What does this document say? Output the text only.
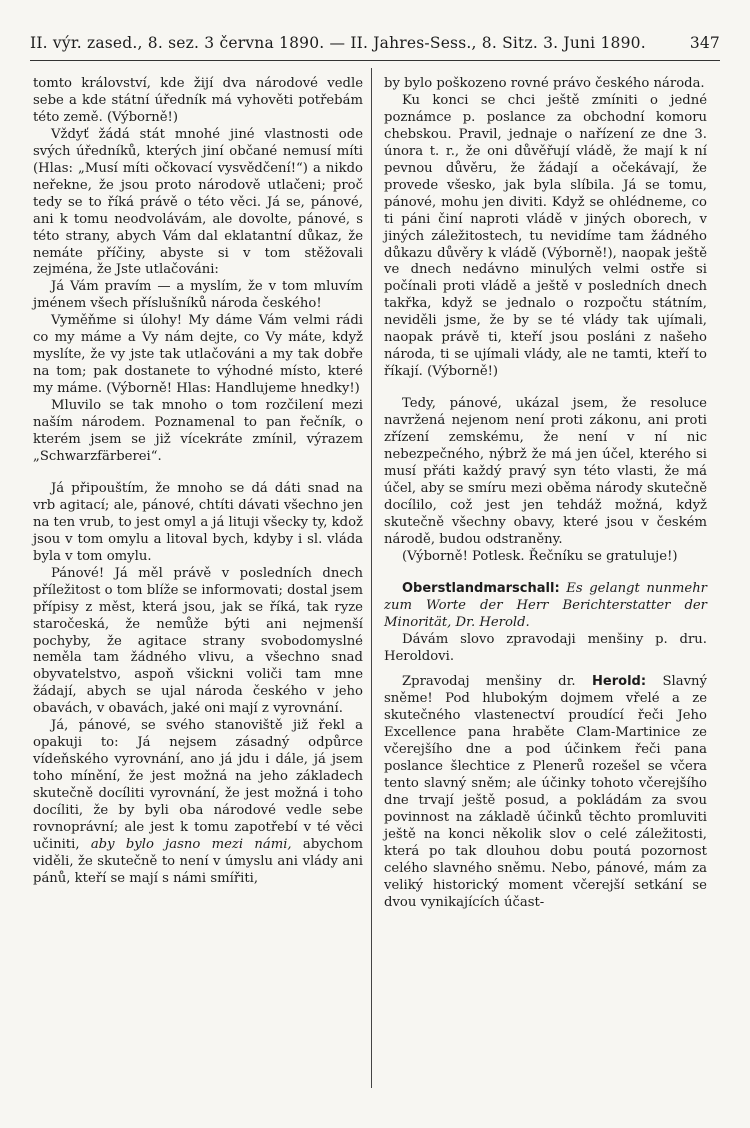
II. výr. zased., 8. sez. 3 června 1890. — II. Jahres-Sess., 8. Sitz. 3. Juni 1890.	347

tomto království, kde žijí dva národové vedle sebe a kde státní úředník má vyhověti potřebám této země. (Výborně!)

Vždyť žádá stát mnohé jiné vlastnosti ode svých úředníků, kterých jiní občané nemusí míti (Hlas: „Musí míti očkovací vysvědčení!“) a nikdo neřekne, že jsou proto národově utlačeni; proč tedy se to říká právě o této věci. Já se, pánové, ani k tomu neodvolávám, ale dovolte, pánové, s této strany, abych Vám dal eklatantní důkaz, že nemáte příčiny, abyste si v tom stěžovali zejména, že Jste utlačováni:

Já Vám pravím — a myslím, že v tom mluvím jménem všech příslušníků národa českého!

Vyměňme si úlohy! My dáme Vám velmi rádi co my máme a Vy nám dejte, co Vy máte, když myslíte, že vy jste tak utlačováni a my tak dobře na tom; pak dostanete to výhodné místo, které my máme. (Výborně! Hlas: Handlujeme hnedky!)

Mluvilo se tak mnoho o tom rozčilení mezi naším národem. Poznamenal to pan řečník, o kterém jsem se již vícekráte zmínil, výrazem „Schwarzfärberei“.

Já připouštím, že mnoho se dá dáti snad na vrb agitací; ale, pánové, chtíti dávati všechno jen na ten vrub, to jest omyl a já lituji všecky ty, kdož jsou v tom omylu a litoval bych, kdyby i sl. vláda byla v tom omylu.

Pánové! Já měl právě v posledních dnech příležitost o tom blíže se informovati; dostal jsem přípisy z měst, která jsou, jak se říká, tak ryze staročeská, že nemůže býti ani nejmenší pochyby, že agitace strany svobodomyslné neměla tam žádného vlivu, a všechno snad obyvatelstvo, aspoň všickni voliči tam mne žádají, abych se ujal národa českého v jeho obavách, v obavách, jaké oni mají z vyrovnání.

Já, pánové, se svého stanoviště již řekl a opakuji to: Já nejsem zásadný odpůrce vídeňského vyrovnání, ano já jdu i dále, já jsem toho mínění, že jest možná na jeho základech skutečně docíliti vyrovnání, že jest možná i toho docíliti, že by byli oba národové vedle sebe rovnoprávní; ale jest k tomu zapotřebí v té věci učiniti, aby bylo jasno mezi námi, abychom viděli, že skutečně to není v úmyslu ani vlády ani pánů, kteří se mají s námi smířiti,

by bylo poškozeno rovné právo českého národa.

Ku konci se chci ještě zmíniti o jedné poznámce p. poslance za obchodní komoru chebskou. Pravil, jednaje o nařízení ze dne 3. února t. r., že oni důvěřují vládě, že mají k ní pevnou důvěru, že žádají a očekávají, že provede všesko, jak byla slíbila. Já se tomu, pánové, mohu jen diviti. Když se ohlédneme, co ti páni činí naproti vládě v jiných oborech, v jiných záležitostech, tu nevidíme tam žádného důkazu důvěry k vládě (Výborně!), naopak ještě ve dnech nedávno minulých velmi ostře si počínali proti vládě a ještě v posledních dnech takřka, když se jednalo o rozpočtu státním, neviděli jsme, že by se té vlády tak ujímali, naopak právě ti, kteří jsou posláni z našeho národa, ti se ujímali vlády, ale ne tamti, kteří to říkají. (Výborně!)

Tedy, pánové, ukázal jsem, že resoluce navržená nejenom není proti zákonu, ani proti zřízení zemskému, že není v ní nic nebezpečného, nýbrž že má jen účel, kterého si musí přáti každý pravý syn této vlasti, že má účel, aby se smíru mezi oběma národy skutečně docílilo, což jest jen tehdáž možná, když skutečně všechny obavy, které jsou v českém národě, budou odstraněny.

(Výborně! Potlesk. Řečníku se gratuluje!)

Oberstlandmarschall: Es gelangt nunmehr zum Worte der Herr Berichterstatter der Minorität, Dr. Herold.

Dávám slovo zpravodaji menšiny p. dru. Heroldovi.

Zpravodaj menšiny dr. Herold: Slavný sněme! Pod hlubokým dojmem vřelé a ze skutečného vlastenectví proudící řeči Jeho Excellence pana hraběte Clam-Martinice ze včerejšího dne a pod účinkem řeči pana poslance šlechtice z Plenerů rozešel se včera tento slavný sněm; ale účinky tohoto včerejšího dne trvají ještě posud, a pokládám za svou povinnost na základě účinků těchto promluviti ještě na konci několik slov o celé záležitosti, která po tak dlouhou dobu poutá pozornost celého slavného sněmu. Nebo, pánové, mám za veliký historický moment včerejší setkání se dvou vynikajících účast-
